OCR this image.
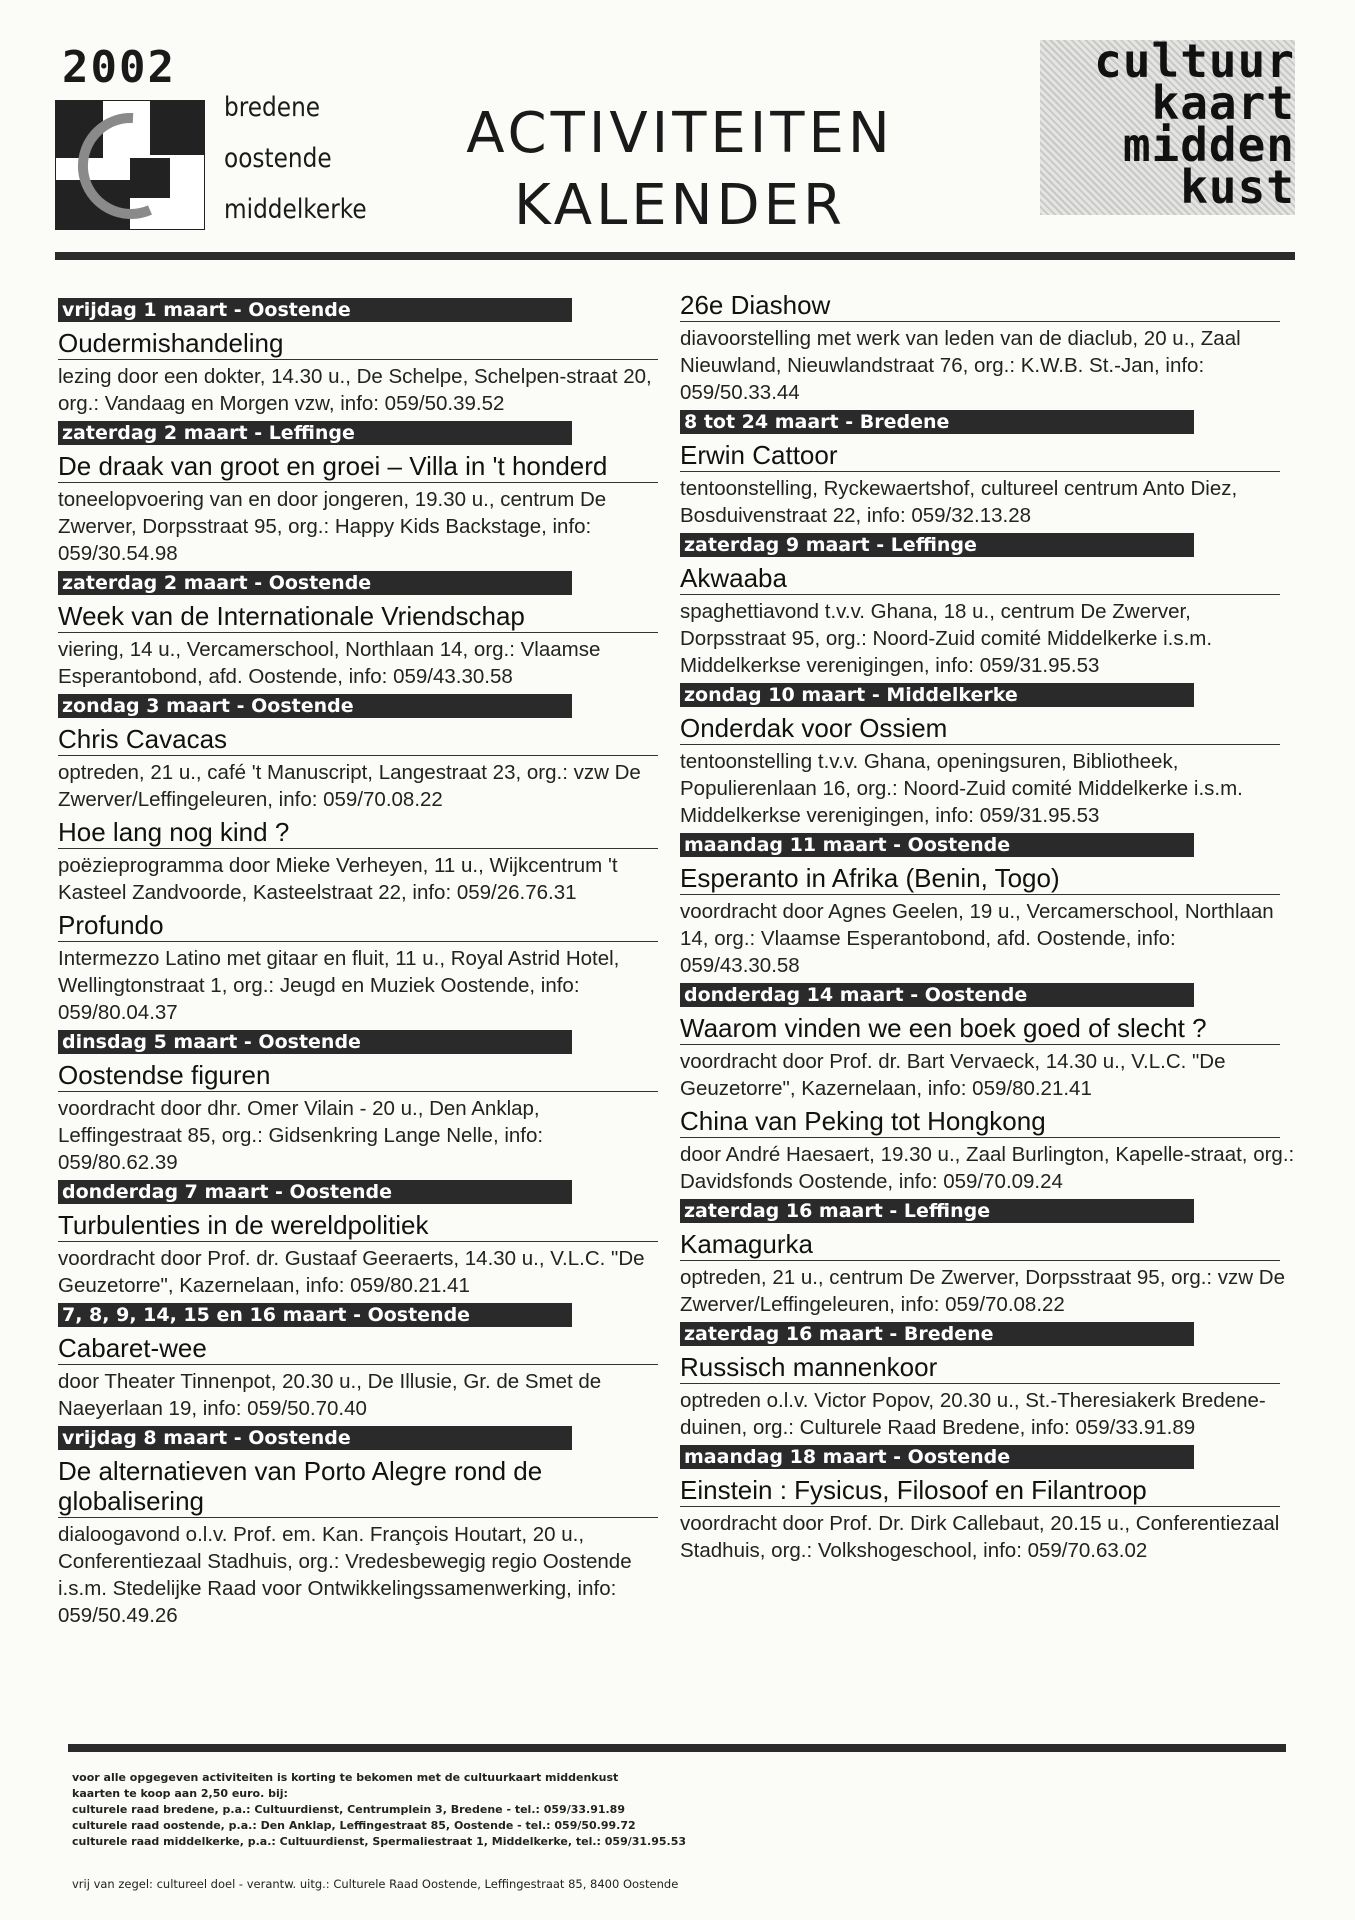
2002
bredene
oostende
middelkerke
ACTIVITEITEN
KALENDER
cultuur
kaart
midden
kust
vrijdag 1 maart - Oostende
Oudermishandeling
lezing door een dokter, 14.30 u., De Schelpe, Schelpen-straat 20, org.: Vandaag en Morgen vzw, info: 059/50.39.52
zaterdag 2 maart - Leffinge
De draak van groot en groei – Villa in 't honderd
toneelopvoering van en door jongeren, 19.30 u., centrum De Zwerver, Dorpsstraat 95, org.: Happy Kids Backstage, info: 059/30.54.98
zaterdag 2 maart - Oostende
Week van de Internationale Vriendschap
viering, 14 u., Vercamerschool, Northlaan 14, org.: Vlaamse Esperantobond, afd. Oostende, info: 059/43.30.58
zondag 3 maart - Oostende
Chris Cavacas
optreden, 21 u., café 't Manuscript, Langestraat 23, org.: vzw De Zwerver/Leffingeleuren, info: 059/70.08.22
Hoe lang nog kind ?
poëzieprogramma door Mieke Verheyen, 11 u., Wijkcentrum 't Kasteel Zandvoorde, Kasteelstraat 22, info: 059/26.76.31
Profundo
Intermezzo Latino met gitaar en fluit, 11 u., Royal Astrid Hotel, Wellingtonstraat 1, org.: Jeugd en Muziek Oostende, info: 059/80.04.37
dinsdag 5 maart - Oostende
Oostendse figuren
voordracht door dhr. Omer Vilain - 20 u., Den Anklap, Leffingestraat 85, org.: Gidsenkring Lange Nelle, info: 059/80.62.39
donderdag 7 maart - Oostende
Turbulenties in de wereldpolitiek
voordracht door Prof. dr. Gustaaf Geeraerts, 14.30 u., V.L.C. "De Geuzetorre", Kazernelaan, info: 059/80.21.41
7, 8, 9, 14, 15 en 16 maart - Oostende
Cabaret-wee
door Theater Tinnenpot, 20.30 u., De Illusie, Gr. de Smet de Naeyerlaan 19, info: 059/50.70.40
vrijdag 8 maart - Oostende
De alternatieven van Porto Alegre rond de globalisering
dialoogavond o.l.v. Prof. em. Kan. François Houtart, 20 u., Conferentiezaal Stadhuis, org.: Vredesbewegig regio Oostende i.s.m. Stedelijke Raad voor Ontwikkelingssamenwerking, info: 059/50.49.26
26e Diashow
diavoorstelling met werk van leden van de diaclub, 20 u., Zaal Nieuwland, Nieuwlandstraat 76, org.: K.W.B. St.-Jan, info: 059/50.33.44
8 tot 24 maart - Bredene
Erwin Cattoor
tentoonstelling, Ryckewaertshof, cultureel centrum Anto Diez, Bosduivenstraat 22, info: 059/32.13.28
zaterdag 9 maart - Leffinge
Akwaaba
spaghettiavond t.v.v. Ghana, 18 u., centrum De Zwerver, Dorpsstraat 95, org.: Noord-Zuid comité Middelkerke i.s.m. Middelkerkse verenigingen, info: 059/31.95.53
zondag 10 maart - Middelkerke
Onderdak voor Ossiem
tentoonstelling t.v.v. Ghana, openingsuren, Bibliotheek, Populierenlaan 16, org.: Noord-Zuid comité Middelkerke i.s.m. Middelkerkse verenigingen, info: 059/31.95.53
maandag 11 maart - Oostende
Esperanto in Afrika (Benin, Togo)
voordracht door Agnes Geelen, 19 u., Vercamerschool, Northlaan 14, org.: Vlaamse Esperantobond, afd. Oostende, info: 059/43.30.58
donderdag 14 maart - Oostende
Waarom vinden we een boek goed of slecht ?
voordracht door Prof. dr. Bart Vervaeck, 14.30 u., V.L.C. "De Geuzetorre", Kazernelaan, info: 059/80.21.41
China van Peking tot Hongkong
door André Haesaert, 19.30 u., Zaal Burlington, Kapelle-straat, org.: Davidsfonds Oostende, info: 059/70.09.24
zaterdag 16 maart - Leffinge
Kamagurka
optreden, 21 u., centrum De Zwerver, Dorpsstraat 95, org.: vzw De Zwerver/Leffingeleuren, info: 059/70.08.22
zaterdag 16 maart - Bredene
Russisch mannenkoor
optreden o.l.v. Victor Popov, 20.30 u., St.-Theresiakerk Bredene-duinen, org.: Culturele Raad Bredene, info: 059/33.91.89
maandag 18 maart - Oostende
Einstein : Fysicus, Filosoof en Filantroop
voordracht door Prof. Dr. Dirk Callebaut, 20.15 u., Conferentiezaal Stadhuis, org.: Volkshogeschool, info: 059/70.63.02
voor alle opgegeven activiteiten is korting te bekomen met de cultuurkaart middenkust
kaarten te koop aan 2,50 euro. bij:
culturele raad bredene, p.a.: Cultuurdienst, Centrumplein 3, Bredene - tel.: 059/33.91.89
culturele raad oostende, p.a.: Den Anklap, Leffingestraat 85, Oostende - tel.: 059/50.99.72
culturele raad middelkerke, p.a.: Cultuurdienst, Spermaliestraat 1, Middelkerke, tel.: 059/31.95.53
vrij van zegel: cultureel doel - verantw. uitg.: Culturele Raad Oostende, Leffingestraat 85, 8400 Oostende
